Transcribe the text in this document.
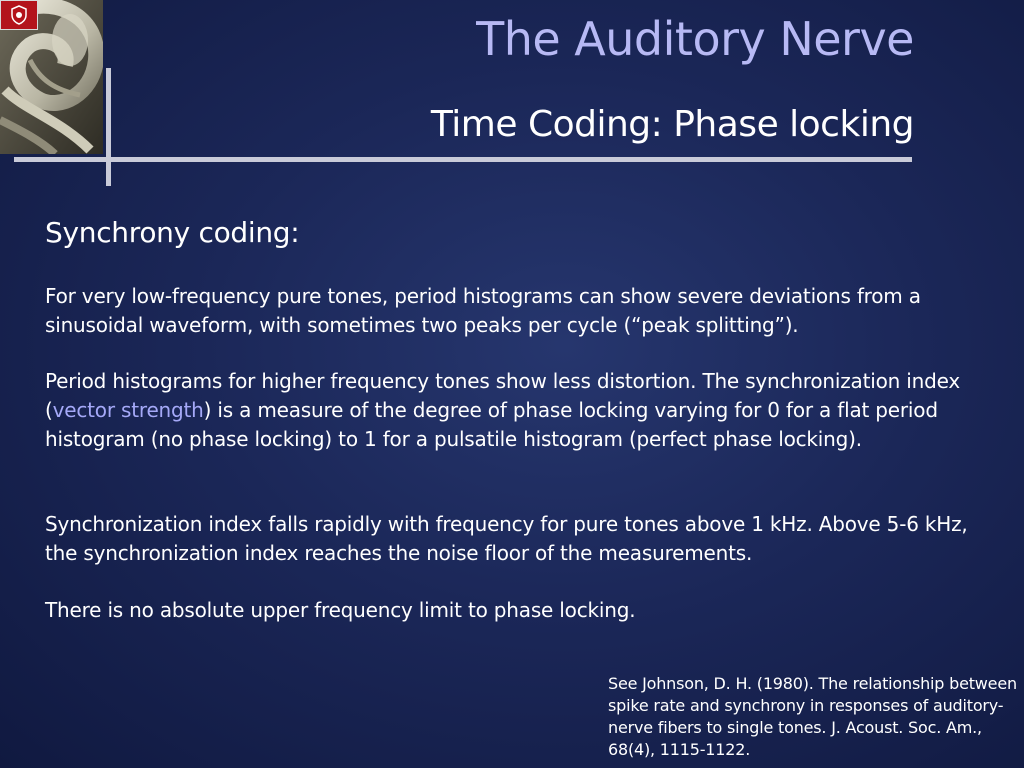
The Auditory Nerve
Time Coding: Phase locking
Synchrony coding:
For very low-frequency pure tones, period histograms can show severe deviations from a sinusoidal waveform, with sometimes two peaks per cycle (“peak splitting”).
Period histograms for higher frequency tones show less distortion. The synchronization index (vector strength) is a measure of the degree of phase locking varying for 0 for a flat period histogram (no phase locking) to 1 for a pulsatile histogram (perfect phase locking).
Synchronization index falls rapidly with frequency for pure tones above 1 kHz. Above 5-6 kHz, the synchronization index reaches the noise floor of the measurements.
There is no absolute upper frequency limit to phase locking.
See Johnson, D. H. (1980). The relationship between spike rate and synchrony in responses of auditory-nerve fibers to single tones. J. Acoust. Soc. Am., 68(4), 1115-1122.
